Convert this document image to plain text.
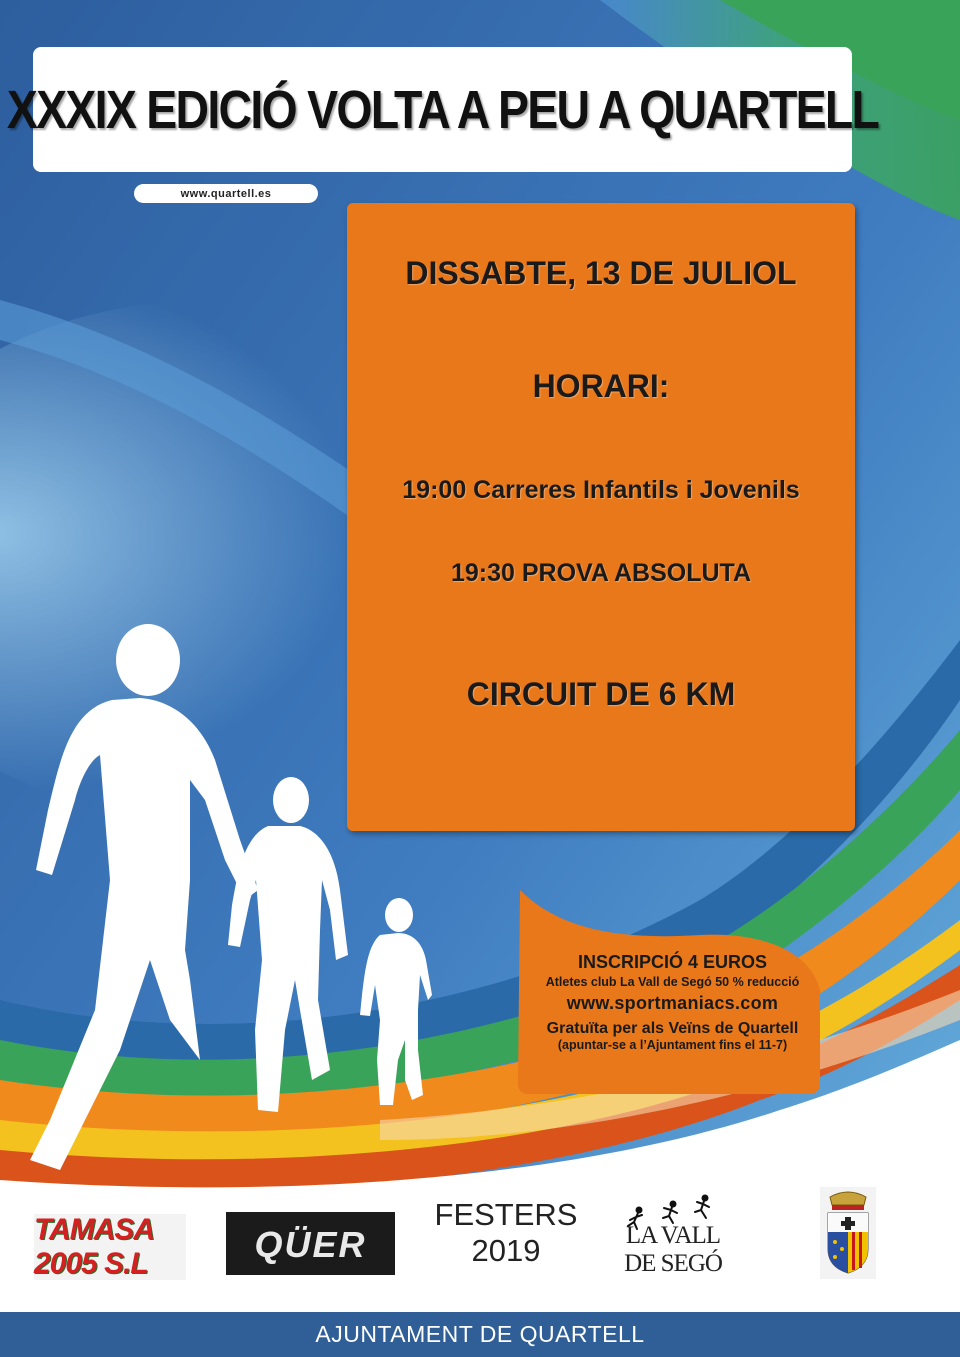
XXXIX EDICIÓ VOLTA A PEU A QUARTELL
www.quartell.es
DISSABTE, 13 DE JULIOL
HORARI:
19:00 Carreres Infantils i Jovenils
19:30 PROVA ABSOLUTA
CIRCUIT DE 6 KM
INSCRIPCIÓ 4 EUROS
Atletes club La Vall de Segó 50 % reducció
www.sportmaniacs.com
Gratuïta per als Veïns de Quartell
(apuntar-se a l’Ajuntament fins el 11-7)
TAMASA 2005 S.L	QÜER
FESTERS
2019	LA VALL DE SEGÓ
AJUNTAMENT DE QUARTELL
